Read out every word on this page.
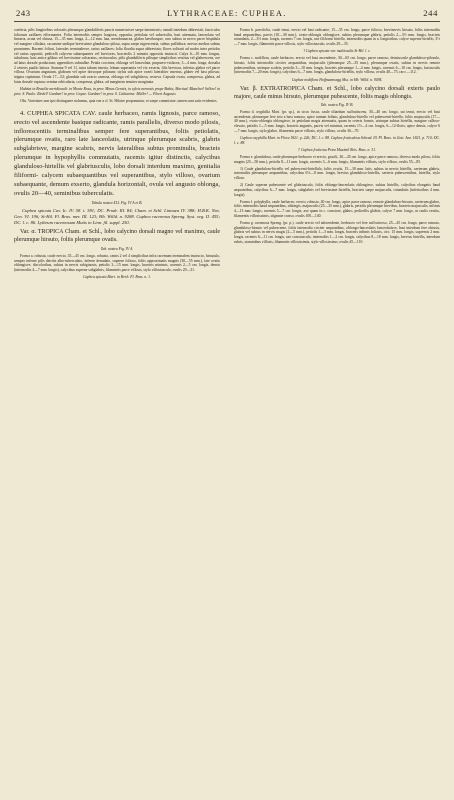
243	LYTHRACEAE: CUPHEA.	244

conferta, pilis longioribus coloratis plerumque glanduliferis paucis numerosisve saepe intermixtis; ramuli interdum abbreviati, fasciculos foliorum axillares efformantes. Folia internodiis semper longiora, opposita, petiolata vel subsessilia, basi attenuata, lanceolata vel linearia, acuta vel obtusa, 15—35 mm. longa, 2—12 mm. lata, membranacea, glabra laevibusque, raro subtus in nervo parce hispidula vel margine ciliolata, cacumine undique brevissime glanduloso-pilosa, supra saepe nigrescentia, subtus pallidiora; nervus medius subtus prominens. Racemi foliosi, laterales terminalesve, rarius axillares; folia floralia supra abbreviata; flores solitarii ad nodos inter petiolos vel rarius oppositi; pedicelli calycem subaequantes vel breviores, bracteolis 2 minutis oppositis instructi. Calyx 6—10 mm. longus, tubulosus, basi antice gibbus vel brevissime calcaratus, rectiusculus, pilis glanduliferis pilisque simplicibus vestitus vel glabrescens, ore ad latus dorsale productum; appendices subnullae. Petala coccinea, oblonga vel lanceolata, purpureo-violacea, 3—4 mm. longa, dorsalia 2 cetteris paullo latiora. Stamina 9 vel 11, intra tubum inserta, lobum superantia vel vix exserta, filis breviora, inferius glabra vel parce villosa. Ovarium angustum, glabrum vel apice dorsoque pilosum; stylus sub apice ovarii lateraliter insertus, glaber vel basi pilosus; stigma capitatum. Ovula 17—52; glandula sub ovario carnosa, oblonga vel subglobosa, recurva. Capsula ovata, compressa, glabra, ad latus dorsale ruptura; semina orbicularia, compressa, glabra, ad marginem tenuiter marginata.

Habitat in Brasilia meridionali: in Monte Rosa, in prov. Minas Geraës, in sylvis arenosis prope Bahia, Martius! Blanchet! Sellow! in prov. S. Paulo: Riedel! Gardner! in prov. Goyaz: Gardner! in prov. S. Catharina: Müller! — Floret Augusto.

Obs. Varietates non ipsi distinguere nolumus, quia eae a cl. St. Hilaire proponuntur, et saepe commixtae, tamen sunt satis evidentes.

4. CUPHEA SPICATA CAV. caule herbaceo, ramis lignosis, parce ramoso, erecto vel ascendente basique radicante, ramis parallelis, diverso modo pilosis, inflorescentiis terminalibus semper fere superantibus, foliis petiolatis, plerumque ovatis, raro late lanceolatis, utrinque plerumque scabris, glabris subglabrisve, margine scabris, nervis lateralibus subtus prominulis, bracteis plerumque in hypophyllis commutatis, racemis igitur distinctis, calycibus glanduloso-hirtellis vel glabriusculis, lobo dorsali interdum maximo, genitalia filiformi- calycem subaequantibus vel superantibus, stylo villoso, ovarium subaequante, demum exserto, glandula horizontali, ovula vel angusto oblonga, ovulis 20—40, seminibus tuberculatis.

Tabula nostra XLI. Fig. IV A et B.

Cuphea spicata Cav. Ic. IV. 58. t. 381; DC. Prodr. III. 84; Cham. et Schl. Linnaea IV. 388; H.B.K. Nov. Gen. VI. 196; St-Hil. Fl. Bras. mer. III. 123; Hb. Willd. n. 9288. Cuphea racemosa Spreng. Syst. veg. II. 455; DC. l. c. 86. Lythrum racemosum Mutis in Linn. fil. suppl. 250.

Var. α. TROPICA Cham. et Schl., lobo calycino dorsali magno vel maximo, caule plerumque hirsuto, foliis plerumque ovatis.

Tab. nostra Fig. IV A.

Forma a. robusta, caule erecto, 35—45 cm. longo, robusto, ramis 2 vel 4 simplicibus infra racemum terminalem instructo, hirsutulo, semper inferne pilis detritis albo-tuberculato, inferne denudato, superne folioso, foliis approximatis magnis (30—55 mm.), late ovatis oblongisve, discoloribus, subtus in nervis rubiginosis, petiolis 3—15 mm. longis, bracteis minimis, racemis 2—5 cm. longis, densis (internodiis 4—7 mm. longis), calycibus superne subglabris, filamentis parce villosis, stylo villosiusculo, ovulis 29—31.

Cuphea spicata Mart. in Herb. Fl. Bras. n. 1.

Forma b. parvifolia, caule tenui, erecto vel basi radicante, 15—35 cm. longo, parce folioso, brevinervis hirsuto, foliis internodiis haud aequantibus, parvis (10—30 mm.), ovato-oblongis oblongisve, subtus plerumque glabris, petiolis 2—3½ mm. longis, bracteis rotundatis, 2—3½ mm. longis, racemis 7 cm. longis, axe filiformi hirtello, internodiis quam in a. longioribus, calyce superne hirtello, 3½—7 mm. longis, filamentis parce villosis, stylo villosiusculo, ovulis 29—35.

† Cuphea spicata var. multicaulis St-Hil. l. c.

Forma c. nodiflora, caule herbaceo, erecto vel basi ascendente, 30—65 cm. longo, parce ramoso, densiuscule glanduloso-pilosulo, hirsuto, foliis internodiis circiter aequantibus, majusculis (plerumque 25—35 mm.), plerumque ovatis, subtus in nervis remote pubescentibus, utrinque scabris, petiolis 3—10 mm. longis, bracteis plerumque 1—4 mm. longis, racemis 6—10 cm. longis, laxiusculis (internodiis 7—20 mm. longis), calycibus 6—7 mm. longis, glanduloso-hirtellis, stylo villoso, ovulis 40—75, raro —112.

Cuphea nodiflora Hoffmannsegg Mss. in Hb. Willd. n. 9494.

Var. β. EXTRATROPICA Cham. et Schl., lobo calycino dorsali exteris paulo majore, caule minus hirsuto, plerumque pubescente, foliis magis oblongis.

Tab. nostra Fig. IV B.

Forma d. osyphilla Mart. (pr. sp.), in sicco fusca, caule tiliardum suffrutiscens, 30—40 cm. longo, sat tenui, erecto vel basi ascendente, plerumque fere toto a basi ramoso, apice tantum foliato, glanduloso-hirtello vel pubescenti-hirtello, foliis majusculis (17—40 mm.), ovato-oblongis oblongisve, in petiolum magis attenuatis, quam in ceteris formis, utrinque subtus hirtellis, margine calloso-elevato, petiolis 1—5 mm. longis, bracteis angustis, parvis vel minimis, racemis 1½—4 cm. longis, 6—12-floris, apice densis, calyce 6—7 mm. longis, stylo glabro, filamentis parce villosis, stylo villoso, ovulis 36—70.

Cuphea oxyphilla Mart. in Flora 1821. p. 226; DC. l. c. 88. Cuphea fruticulosa Schrad. Ill. Pl. Bras. in Gott. Anz. 1821. p. 710; DC. l. c. 88.

† Cuphea fruticosa Prinz Maximil Reis. Bras. n. 31.

Forma e. glandulosa, caule plerumque herbaceo et erecto, gracili, 20—45 cm. longo, apice parce ramoso, diverso modo piloso, foliis magnis (25—50 mm.), petiolis 8—11 mm. longis, racemis 3—6 mm. longis, filamentis villosis, stylo villoso, ovulis 55—85.

1) Caule glanduloso-hirtello vel pubescenti-hirtellulo, foliis ovatis, 15—30 mm. latis, subtus in nervis hirtellis, caeterum glabris, internodiis plerumque aequantibus, calycibus 6½—8 mm. longis, brevius glanduloso-hirtellis, caeteris pubescentibus, hirtellis, stylo villoso.

2) Caule superne pubescente vel glabriusculo, foliis oblongo-lanceolatis oblongisve, subtus hirtellis, calycibus elongatis haud aequantibus, calycibus 6—7 mm. longis, subglabris vel brevissime hirtellis, bracteis saepe majusculis, rotundatis (inferioribus 4 mm. longis).

Forma f. polyphylla, caule herbaceo, erecto, robusto, 40 cm. longo, apice parce ramoso, remote glanduloso-hirsuto, caeterum glabro, foliis internodiis haud aequantibus, oblongis, majusculis (25—35 mm.), glabris, petiolis plerumque brevibus, bracteis majusculis, infimis 4—13 mm. longis, racemis 5—7 cm. longis, axe quam in c. crassiore, glabro, pedicellis glabris, calyce 7 mm. longo, ut caulis vestito, filamentis villosissimis, stigmate crasso, ovulis 100—140.

Forma g. racemosa Spreng. (pr. p.), caule erecto vel adscendente, herbaceo vel fere suffruticoso, 25—45 cm. longo, parce ramoso, glanduloso-hirsuto vel pubescente, foliis internodia circiter aequantibus, oblongo-lanceolatis lanceolatisve, basi interdum fere obtusis, glabris vel subtus in nervis magis (2—5 mm.), petiolis 1—3 mm. longis, bracteis infimis foliosis, circ. 15 mm. longis, supremis 2 mm. longis, racemis 6—11 cm. longis, axe crassiusculo, internodiis 1—2 cm. longis, calycibus 8—10 mm. longis, brevius hirtellis, interdum rubris, staminibus villosis, filamentis villosissimis, stylo villosissimo, ovulis 45—110.
